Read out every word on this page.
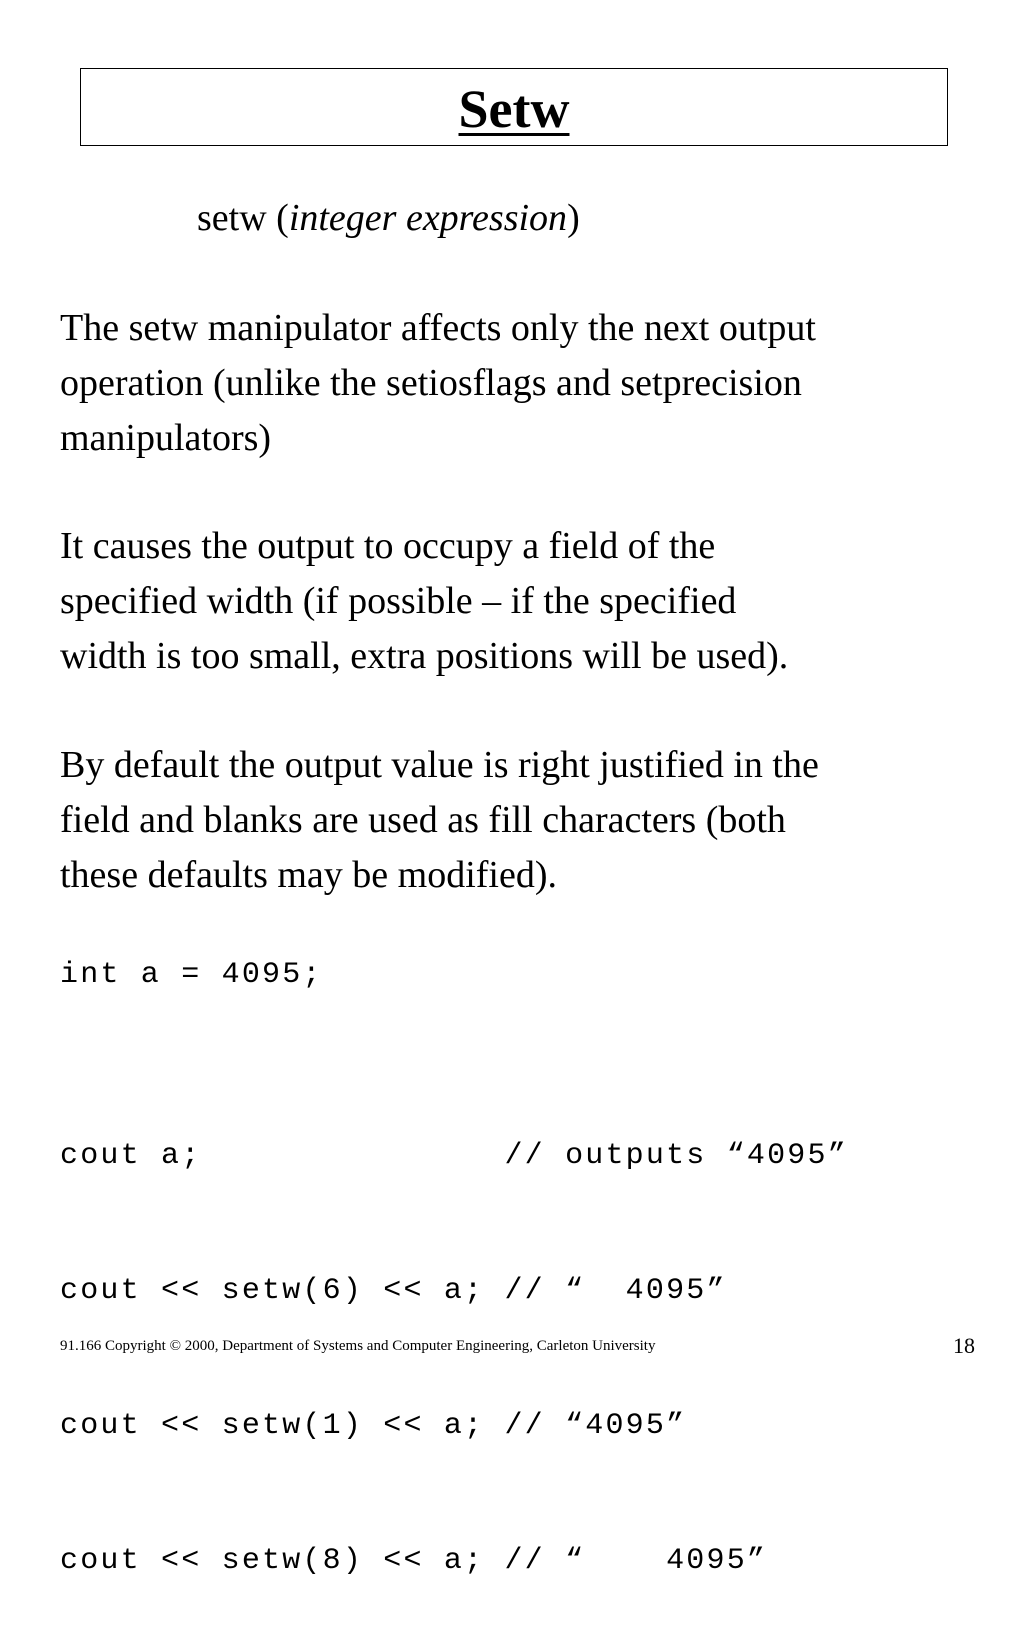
Setw
setw (integer expression)
The setw manipulator affects only the next output
operation (unlike the setiosflags and setprecision
manipulators)
It causes the output to occupy a field of the
specified width (if possible – if the specified
width is too small, extra positions will be used).
By default the output value is right justified in the
field and blanks are used as fill characters (both
these defaults may be modified).
int a = 4095;

cout a;               // outputs “4095”

cout << setw(6) << a; // “  4095”

cout << setw(1) << a; // “4095”

cout << setw(8) << a; // “    4095”

91.166 Copyright © 2000, Department of Systems and Computer Engineering, Carleton University	18
